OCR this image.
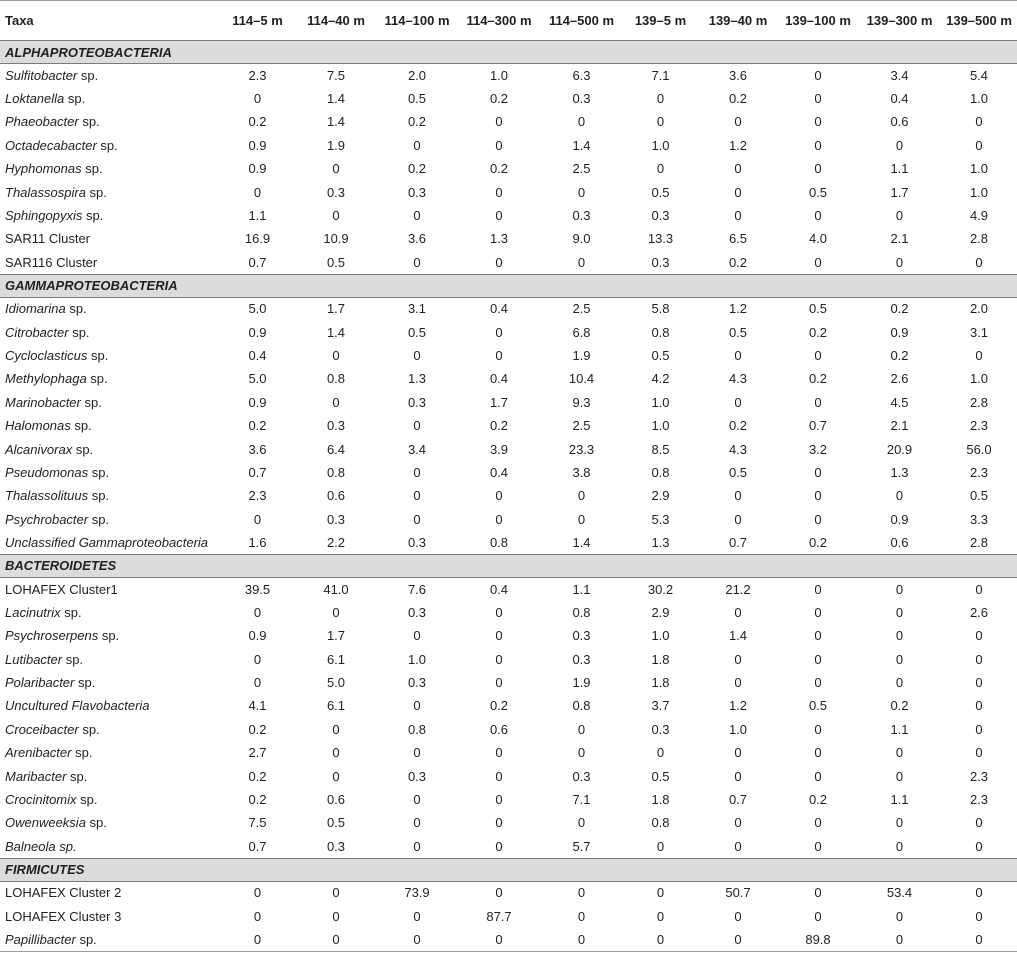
Taxa	114–5 m	114–40 m	114–100 m	114–300 m	114–500 m	139–5 m	139–40 m	139–100 m	139–300 m	139–500 m
ALPHAPROTEOBACTERIA										
Sulfitobacter sp.	2.3	7.5	2.0	1.0	6.3	7.1	3.6	0	3.4	5.4
Loktanella sp.	0	1.4	0.5	0.2	0.3	0	0.2	0	0.4	1.0
Phaeobacter sp.	0.2	1.4	0.2	0	0	0	0	0	0.6	0
Octadecabacter sp.	0.9	1.9	0	0	1.4	1.0	1.2	0	0	0
Hyphomonas sp.	0.9	0	0.2	0.2	2.5	0	0	0	1.1	1.0
Thalassospira sp.	0	0.3	0.3	0	0	0.5	0	0.5	1.7	1.0
Sphingopyxis sp.	1.1	0	0	0	0.3	0.3	0	0	0	4.9
SAR11 Cluster	16.9	10.9	3.6	1.3	9.0	13.3	6.5	4.0	2.1	2.8
SAR116 Cluster	0.7	0.5	0	0	0	0.3	0.2	0	0	0
GAMMAPROTEOBACTERIA										
Idiomarina sp.	5.0	1.7	3.1	0.4	2.5	5.8	1.2	0.5	0.2	2.0
Citrobacter sp.	0.9	1.4	0.5	0	6.8	0.8	0.5	0.2	0.9	3.1
Cycloclasticus sp.	0.4	0	0	0	1.9	0.5	0	0	0.2	0
Methylophaga sp.	5.0	0.8	1.3	0.4	10.4	4.2	4.3	0.2	2.6	1.0
Marinobacter sp.	0.9	0	0.3	1.7	9.3	1.0	0	0	4.5	2.8
Halomonas sp.	0.2	0.3	0	0.2	2.5	1.0	0.2	0.7	2.1	2.3
Alcanivorax sp.	3.6	6.4	3.4	3.9	23.3	8.5	4.3	3.2	20.9	56.0
Pseudomonas sp.	0.7	0.8	0	0.4	3.8	0.8	0.5	0	1.3	2.3
Thalassolituus sp.	2.3	0.6	0	0	0	2.9	0	0	0	0.5
Psychrobacter sp.	0	0.3	0	0	0	5.3	0	0	0.9	3.3
Unclassified Gammaproteobacteria	1.6	2.2	0.3	0.8	1.4	1.3	0.7	0.2	0.6	2.8
BACTEROIDETES										
LOHAFEX Cluster1	39.5	41.0	7.6	0.4	1.1	30.2	21.2	0	0	0
Lacinutrix sp.	0	0	0.3	0	0.8	2.9	0	0	0	2.6
Psychroserpens sp.	0.9	1.7	0	0	0.3	1.0	1.4	0	0	0
Lutibacter sp.	0	6.1	1.0	0	0.3	1.8	0	0	0	0
Polaribacter sp.	0	5.0	0.3	0	1.9	1.8	0	0	0	0
Uncultured Flavobacteria	4.1	6.1	0	0.2	0.8	3.7	1.2	0.5	0.2	0
Croceibacter sp.	0.2	0	0.8	0.6	0	0.3	1.0	0	1.1	0
Arenibacter sp.	2.7	0	0	0	0	0	0	0	0	0
Maribacter sp.	0.2	0	0.3	0	0.3	0.5	0	0	0	2.3
Crocinitomix sp.	0.2	0.6	0	0	7.1	1.8	0.7	0.2	1.1	2.3
Owenweeksia sp.	7.5	0.5	0	0	0	0.8	0	0	0	0
Balneola sp.	0.7	0.3	0	0	5.7	0	0	0	0	0
FIRMICUTES										
LOHAFEX Cluster 2	0	0	73.9	0	0	0	50.7	0	53.4	0
LOHAFEX Cluster 3	0	0	0	87.7	0	0	0	0	0	0
Papillibacter sp.	0	0	0	0	0	0	0	89.8	0	0
